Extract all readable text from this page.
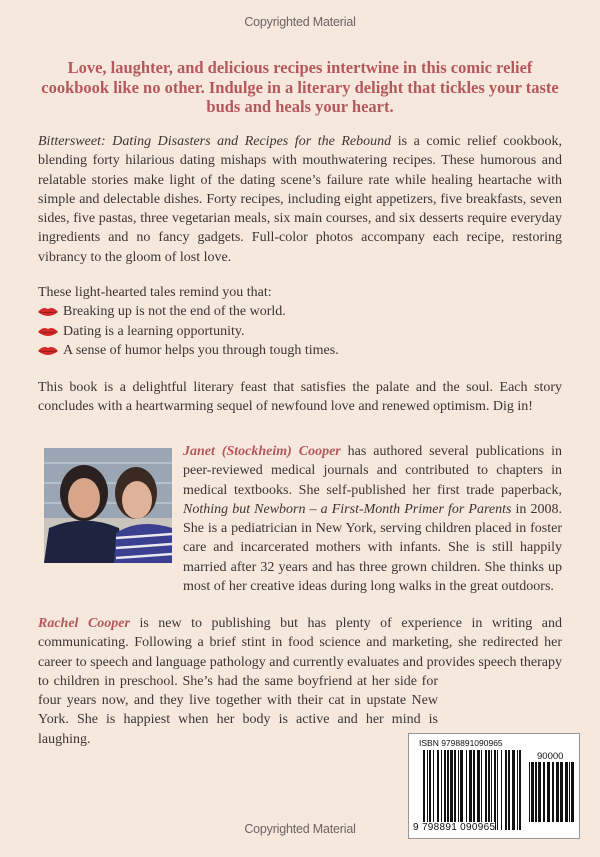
Copyrighted Material
Love, laughter, and delicious recipes intertwine in this comic relief cookbook like no other. Indulge in a literary delight that tickles your taste buds and heals your heart.

Bittersweet: Dating Disasters and Recipes for the Rebound is a comic relief cookbook, blending forty hilarious dating mishaps with mouthwatering recipes. These humorous and relatable stories make light of the dating scene’s failure rate while healing heartache with simple and delectable dishes. Forty recipes, including eight appetizers, five breakfasts, seven sides, five pastas, three vegetarian meals, six main courses, and six desserts require everyday ingredients and no fancy gadgets. Full-color photos accompany each recipe, restoring vibrancy to the gloom of lost love.

These light-hearted tales remind you that:
Breaking up is not the end of the world.
Dating is a learning opportunity.
A sense of humor helps you through tough times.

This book is a delightful literary feast that satisfies the palate and the soul. Each story concludes with a heartwarming sequel of newfound love and renewed optimism. Dig in!

Janet (Stockheim) Cooper has authored several publications in peer-reviewed medical journals and contributed to chapters in medical textbooks. She self-published her first trade paperback, Nothing but Newborn – a First-Month Primer for Parents in 2008. She is a pediatrician in New York, serving children placed in foster care and incarcerated mothers with infants. She is still happily married after 32 years and has three grown children. She thinks up most of her creative ideas during long walks in the great outdoors.

Rachel Cooper is new to publishing but has plenty of experience in writing and communicating. Following a brief stint in food science and marketing, she redirected her career to speech and language pathology and currently evaluates and provides speech therapy to children in preschool. She’s had the same boyfriend at her side for four years now, and they live together with their cat in upstate New York. She is happiest when her body is active and her mind is laughing.	ISBN 9798891090965
90000
9 798891 090965
Copyrighted Material
